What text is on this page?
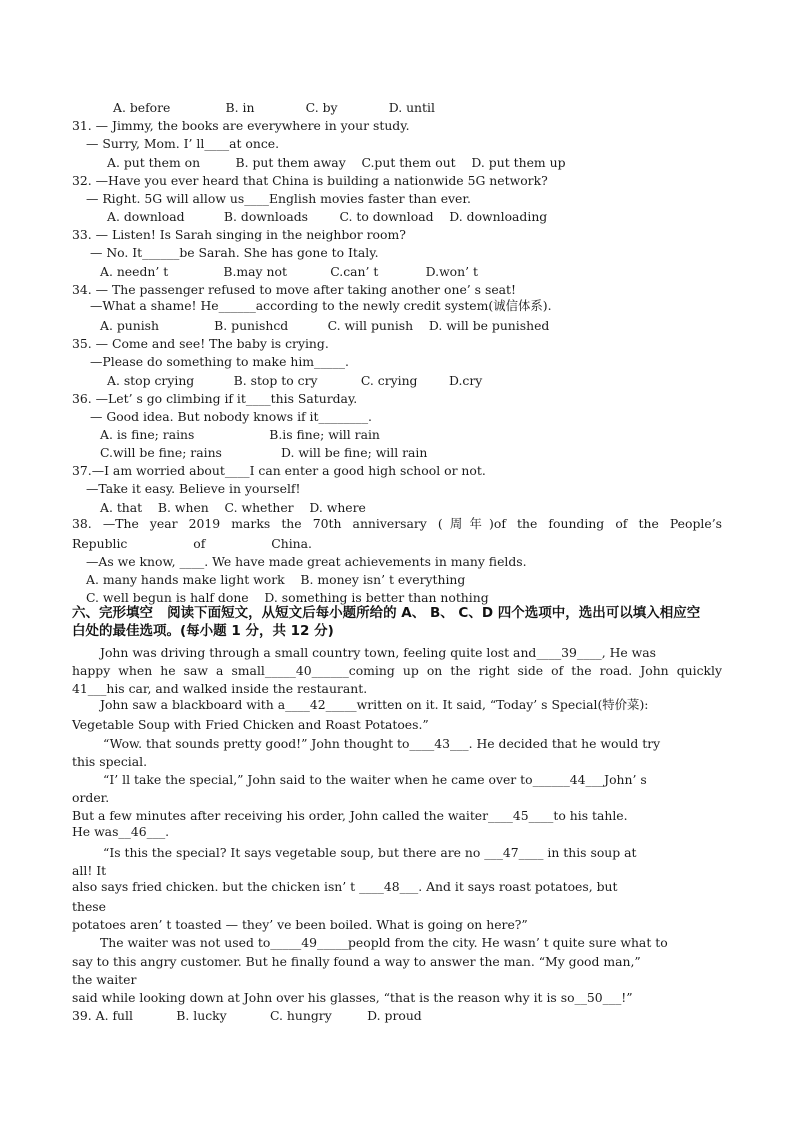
A. before              B. in             C. by             D. until
31. — Jimmy, the books are everywhere in your study.
— Surry, Mom. I’ ll____at once.
A. put them on         B. put them away    C.put them out    D. put them up
32. —Have you ever heard that China is building a nationwide 5G network?
— Right. 5G will allow us____English movies faster than ever.
A. download          B. downloads        C. to download    D. downloading
33. — Listen! Is Sarah singing in the neighbor room?
— No. It______be Sarah. She has gone to Italy.
A. needn’ t              B.may not           C.can’ t            D.won’ t
34. — The passenger refused to move after taking another one’ s seat!
—What a shame! He______according to the newly credit system(诚信体系).
A. punish              B. punishcd          C. will punish    D. will be punished
35. — Come and see! The baby is crying.
—Please do something to make him_____.
A. stop crying          B. stop to cry           C. crying        D.cry
36. —Let’ s go climbing if it____this Saturday.
— Good idea. But nobody knows if it________.
A. is fine; rains                   B.is fine; will rain
C.will be fine; rains               D. will be fine; will rain
37.—I am worried about____I can enter a good high school or not.
—Take it easy. Believe in yourself!
A. that    B. when    C. whether    D. where
—As we know, ____. We have made great achievements in many fields.
A. many hands make light work    B. money isn’ t everything
C. well begun is half done    D. something is better than nothing
John was driving through a small country town, feeling quite lost and____39____, He was
41___his car, and walked inside the restaurant.
John saw a blackboard with a____42_____written on it. It said, “Today’ s Special(特价菜):
Vegetable Soup with Fried Chicken and Roast Potatoes.”
“Wow. that sounds pretty good!” John thought to____43___. He decided that he would try
this special.
“I’ ll take the special,” John said to the waiter when he came over to______44___John’ s
order.
But a few minutes after receiving his order, John called the waiter____45____to his tahle.
He was__46___.
“Is this the special? It says vegetable soup, but there are no ___47____ in this soup at
all! It
also says fried chicken. but the chicken isn’ t ____48___. And it says roast potatoes, but
these
potatoes aren’ t toasted — they’ ve been boiled. What is going on here?”
The waiter was not used to_____49_____peopld from the city. He wasn’ t quite sure what to
say to this angry customer. But he finally found a way to answer the man. “My good man,”
the waiter
said while looking down at John over his glasses, “that is the reason why it is so__50___!”
39. A. full           B. lucky           C. hungry         D. proud
38. —The year 2019 marks the 70th anniversary (周年)of the founding of the People’s
Republic of China.
happy when he saw a small_____40______coming up on the right side of the road. John quickly
六、完形填空   阅读下面短文，从短文后每小题所给的 A、 B、 C、D 四个选项中，选出可以填入相应空
白处的最佳选项。(每小题 1 分，共 12 分)
